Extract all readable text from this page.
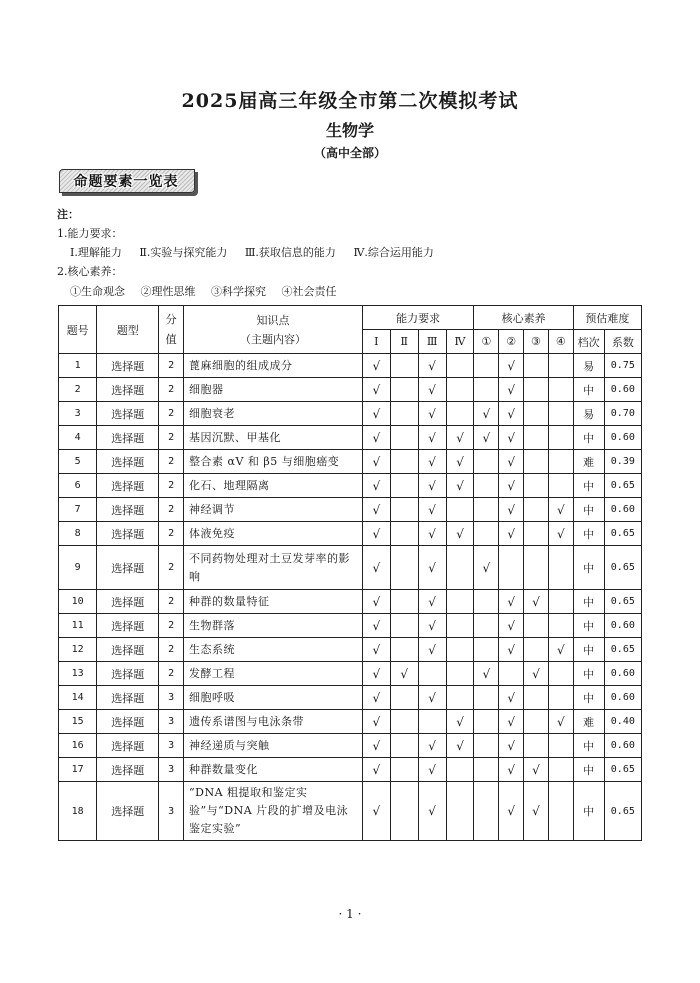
2025届高三年级全市第二次模拟考试
生物学
（高中全部）
命题要素一览表
注：
1.能力要求：
Ⅰ.理解能力 Ⅱ.实验与探究能力 Ⅲ.获取信息的能力 Ⅳ.综合运用能力
2.核心素养：
①生命观念 ②理性思维 ③科学探究 ④社会责任
题号	题型	分值	知识点
（主题内容）	能力要求				核心素养				预估难度	
				Ⅰ	Ⅱ	Ⅲ	Ⅳ	①	②	③	④	档次	系数
1	选择题	2	蓖麻细胞的组成成分	√		√			√			易	0.75
2	选择题	2	细胞器	√		√			√			中	0.60
3	选择题	2	细胞衰老	√		√		√	√			易	0.70
4	选择题	2	基因沉默、甲基化	√		√	√	√	√			中	0.60
5	选择题	2	整合素 αV 和 β5 与细胞癌变	√		√	√		√			难	0.39
6	选择题	2	化石、地理隔离	√		√	√		√			中	0.65
7	选择题	2	神经调节	√		√			√		√	中	0.60
8	选择题	2	体液免疫	√		√	√		√		√	中	0.65
9	选择题	2	不同药物处理对土豆发芽率的影响	√		√		√				中	0.65
10	选择题	2	种群的数量特征	√		√			√	√		中	0.65
11	选择题	2	生物群落	√		√			√			中	0.60
12	选择题	2	生态系统	√		√			√		√	中	0.65
13	选择题	2	发酵工程	√	√			√		√		中	0.60
14	选择题	3	细胞呼吸	√		√			√			中	0.60
15	选择题	3	遗传系谱图与电泳条带	√			√		√		√	难	0.40
16	选择题	3	神经递质与突触	√		√	√		√			中	0.60
17	选择题	3	种群数量变化	√		√			√	√		中	0.65
18	选择题	3	“DNA 粗提取和鉴定实验”与“DNA 片段的扩增及电泳鉴定实验”	√		√			√	√		中	0.65
· 1 ·
